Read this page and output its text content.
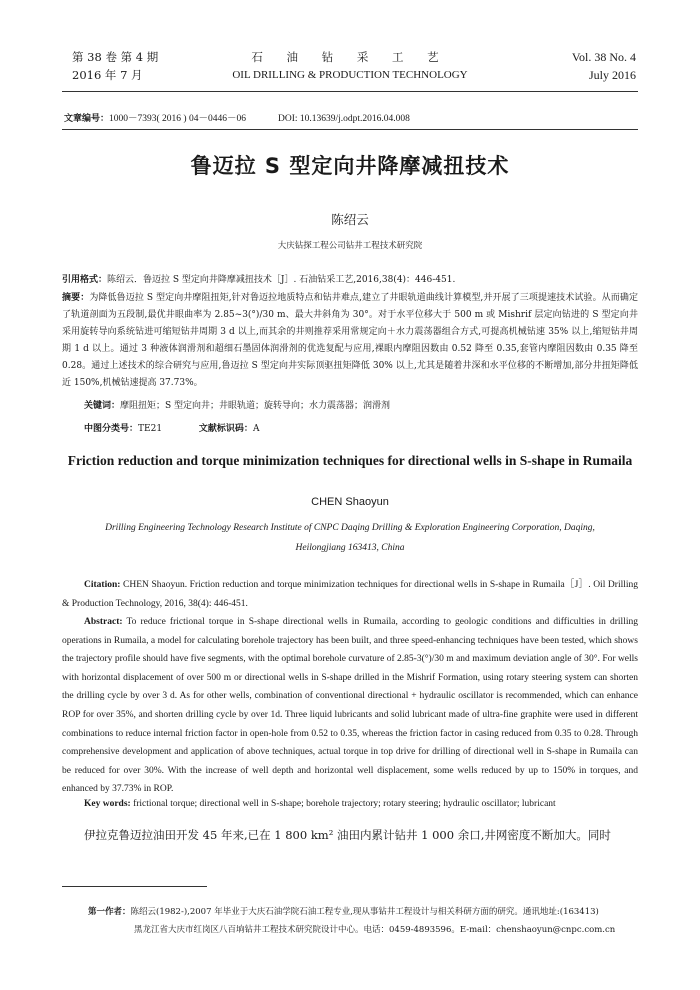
第 38 卷 第 4 期
2016 年 7 月
石 油 钻 采 工 艺
OIL DRILLING & PRODUCTION TECHNOLOGY
Vol. 38 No. 4
July 2016
文章编号：1000－7393( 2016 ) 04－0446－06	DOI: 10.13639/j.odpt.2016.04.008
鲁迈拉 S 型定向井降摩减扭技术
陈绍云
大庆钻探工程公司钻井工程技术研究院
引用格式：陈绍云．鲁迈拉 S 型定向井降摩减扭技术［J］. 石油钻采工艺,2016,38(4)：446-451.
摘要：为降低鲁迈拉 S 型定向井摩阻扭矩,针对鲁迈拉地质特点和钻井难点,建立了井眼轨道曲线计算模型,并开展了三项提速技术试验。从而确定了轨道剖面为五段制,最优井眼曲率为 2.85~3(°)/30 m、最大井斜角为 30°。对于水平位移大于 500 m 或 Mishrif 层定向钻进的 S 型定向井采用旋转导向系统钻进可缩短钻井周期 3 d 以上,而其余的井则推荐采用常规定向＋水力震荡器组合方式,可提高机械钻速 35% 以上,缩短钻井周期 1 d 以上。通过 3 种液体润滑剂和超细石墨固体润滑剂的优选复配与应用,裸眼内摩阻因数由 0.52 降至 0.35,套管内摩阻因数由 0.35 降至 0.28。通过上述技术的综合研究与应用,鲁迈拉 S 型定向井实际顶驱扭矩降低 30% 以上,尤其是随着井深和水平位移的不断增加,部分井扭矩降低近 150%,机械钻速提高 37.73%。
关键词：摩阻扭矩；S 型定向井；井眼轨道；旋转导向；水力震荡器；润滑剂
中图分类号：TE21	文献标识码：A
Friction reduction and torque minimization techniques for directional wells in S-shape in Rumaila
CHEN Shaoyun
Drilling Engineering Technology Research Institute of CNPC Daqing Drilling & Exploration Engineering Corporation, Daqing, Heilongjiang 163413, China
Citation: CHEN Shaoyun. Friction reduction and torque minimization techniques for directional wells in S-shape in Rumaila［J］. Oil Drilling & Production Technology, 2016, 38(4): 446-451.
Abstract: To reduce frictional torque in S-shape directional wells in Rumaila, according to geologic conditions and difficulties in drilling operations in Rumaila, a model for calculating borehole trajectory has been built, and three speed-enhancing techniques have been tested, which shows the trajectory profile should have five segments, with the optimal borehole curvature of 2.85-3(°)/30 m and maximum deviation angle of 30°. For wells with horizontal displacement of over 500 m or directional wells in S-shape drilled in the Mishrif Formation, using rotary steering system can shorten the drilling cycle by over 3 d. As for other wells, combination of conventional directional + hydraulic oscillator is recommended, which can enhance ROP for over 35%, and shorten drilling cycle by over 1d. Three liquid lubricants and solid lubricant made of ultra-fine graphite were used in different combinations to reduce internal friction factor in open-hole from 0.52 to 0.35, whereas the friction factor in casing reduced from 0.35 to 0.28. Through comprehensive development and application of above techniques, actual torque in top drive for drilling of directional well in S-shape in Rumaila can be reduced for over 30%. With the increase of well depth and horizontal well displacement, some wells reduced by up to 150% in torques, and enhanced by 37.73% in ROP.
Key words: frictional torque; directional well in S-shape; borehole trajectory; rotary steering; hydraulic oscillator; lubricant
伊拉克鲁迈拉油田开发 45 年来,已在 1 800 km² 油田内累计钻井 1 000 余口,井网密度不断加大。同时
第一作者：陈绍云(1982-),2007 年毕业于大庆石油学院石油工程专业,现从事钻井工程设计与相关科研方面的研究。通讯地址:(163413)
黑龙江省大庆市红岗区八百垧钻井工程技术研究院设计中心。电话：0459-4893596。E-mail：chenshaoyun@cnpc.com.cn
